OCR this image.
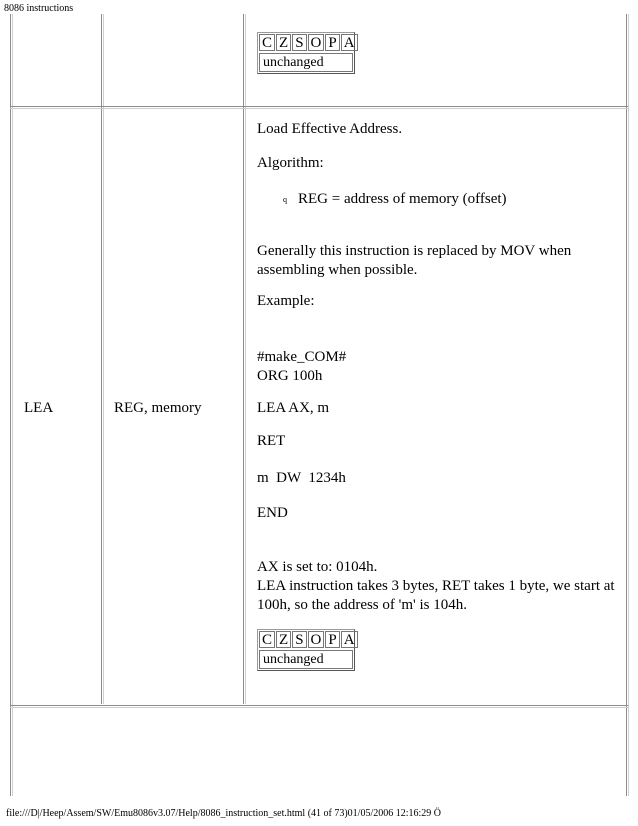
8086 instructions
C Z S O P A
unchanged
LEA	REG, memory
Load Effective Address.
Algorithm:
q REG = address of memory (offset)
Generally this instruction is replaced by MOV when
assembling when possible.
Example:
#make_COM#
ORG 100h
LEA AX, m
RET
m  DW  1234h
END
AX is set to: 0104h.
LEA instruction takes 3 bytes, RET takes 1 byte, we start at
100h, so the address of 'm' is 104h.
C Z S O P A
unchanged
file:///D|/Heep/Assem/SW/Emu8086v3.07/Help/8086_instruction_set.html (41 of 73)01/05/2006 12:16:29 Ö
